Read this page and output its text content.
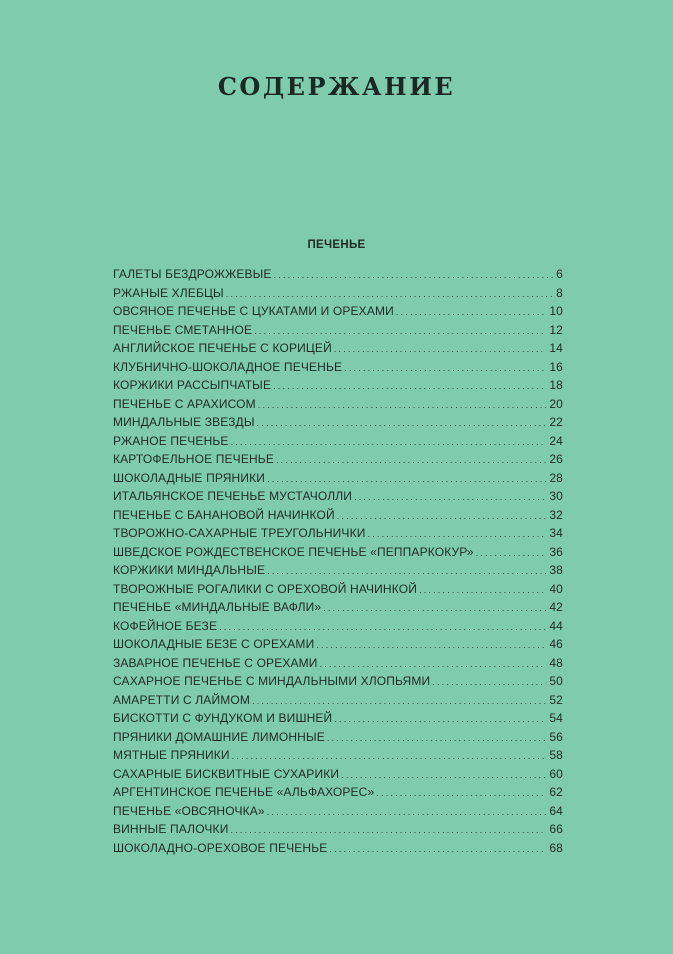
СОДЕРЖАНИЕ
ПЕЧЕНЬЕ
ГАЛЕТЫ БЕЗДРОЖЖЕВЫЕ .....	6
РЖАНЫЕ ХЛЕБЦЫ .....	8
ОВСЯНОЕ ПЕЧЕНЬЕ С ЦУКАТАМИ И ОРЕХАМИ .....	10
ПЕЧЕНЬЕ СМЕТАННОЕ .....	12
АНГЛИЙСКОЕ ПЕЧЕНЬЕ С КОРИЦЕЙ .....	14
КЛУБНИЧНО-ШОКОЛАДНОЕ ПЕЧЕНЬЕ .....	16
КОРЖИКИ РАССЫПЧАТЫЕ .....	18
ПЕЧЕНЬЕ С АРАХИСОМ .....	20
МИНДАЛЬНЫЕ ЗВЕЗДЫ .....	22
РЖАНОЕ ПЕЧЕНЬЕ .....	24
КАРТОФЕЛЬНОЕ ПЕЧЕНЬЕ .....	26
ШОКОЛАДНЫЕ ПРЯНИКИ .....	28
ИТАЛЬЯНСКОЕ ПЕЧЕНЬЕ МУСТАЧОЛЛИ .....	30
ПЕЧЕНЬЕ С БАНАНОВОЙ НАЧИНКОЙ .....	32
ТВОРОЖНО-САХАРНЫЕ ТРЕУГОЛЬНИЧКИ .....	34
ШВЕДСКОЕ РОЖДЕСТВЕНСКОЕ ПЕЧЕНЬЕ «ПЕППАРКОКУР» .....	36
КОРЖИКИ МИНДАЛЬНЫЕ .....	38
ТВОРОЖНЫЕ РОГАЛИКИ С ОРЕХОВОЙ НАЧИНКОЙ .....	40
ПЕЧЕНЬЕ «МИНДАЛЬНЫЕ ВАФЛИ» .....	42
КОФЕЙНОЕ БЕЗЕ .....	44
ШОКОЛАДНЫЕ БЕЗЕ С ОРЕХАМИ .....	46
ЗАВАРНОЕ ПЕЧЕНЬЕ С ОРЕХАМИ .....	48
САХАРНОЕ ПЕЧЕНЬЕ С МИНДАЛЬНЫМИ ХЛОПЬЯМИ .....	50
АМАРЕТТИ С ЛАЙМОМ .....	52
БИСКОТТИ С ФУНДУКОМ И ВИШНЕЙ .....	54
ПРЯНИКИ ДОМАШНИЕ ЛИМОННЫЕ .....	56
МЯТНЫЕ ПРЯНИКИ .....	58
САХАРНЫЕ БИСКВИТНЫЕ СУХАРИКИ .....	60
АРГЕНТИНСКОЕ ПЕЧЕНЬЕ «АЛЬФАХОРЕС» .....	62
ПЕЧЕНЬЕ «ОВСЯНОЧКА» .....	64
ВИННЫЕ ПАЛОЧКИ .....	66
ШОКОЛАДНО-ОРЕХОВОЕ ПЕЧЕНЬЕ .....	68
